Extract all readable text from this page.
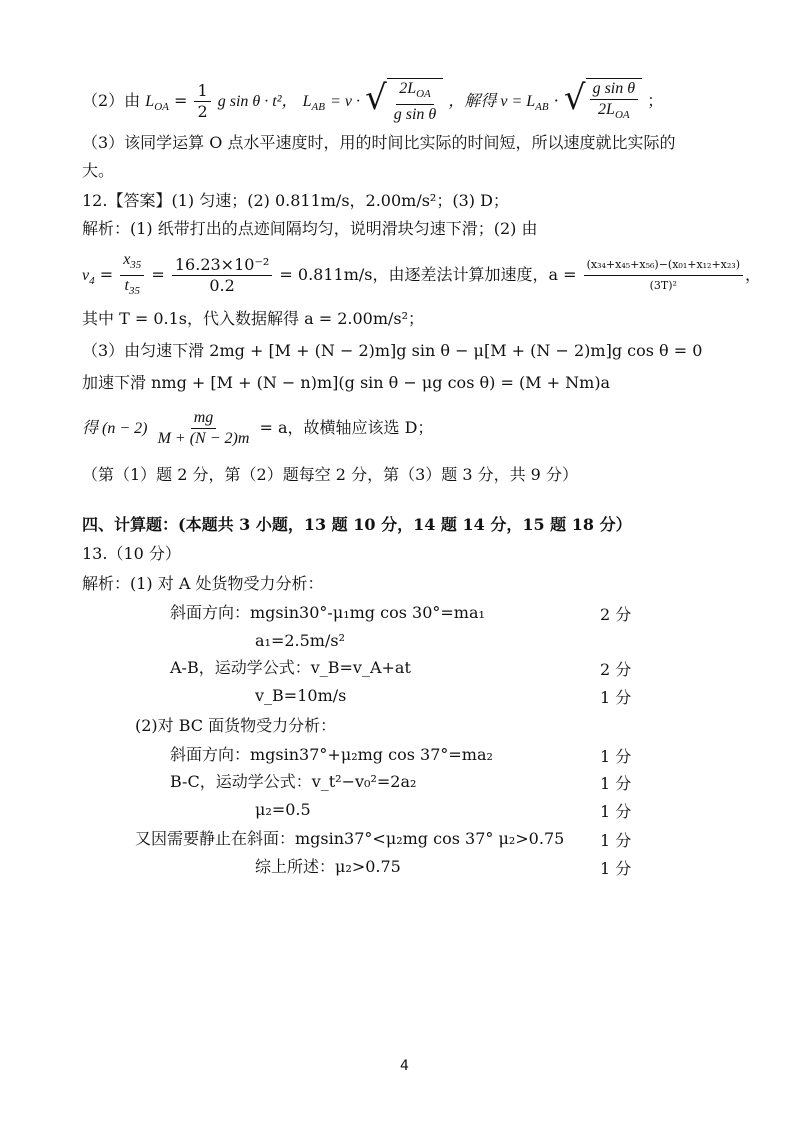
（2）由 $L_{OA} = \frac{1}{2}$ g sin θ · t²， $L_{AB} = v$ · √ $\frac{2L_{OA}}{\text{g sin θ}}$ ，解得 $v = L_{AB}$ · √ $\frac{\text{g sin θ}}{2L_{OA}}$ ；
（3）该同学运算 O 点水平速度时，用的时间比实际的时间短，所以速度就比实际的
大。
12.【答案】(1) 匀速；(2) 0.811m/s，2.00m/s²；(3) D；
解析：(1) 纸带打出的点迹间隔均匀，说明滑块匀速下滑；(2) 由
$v_4 = \frac{x_{35}}{t_{35}} = \frac{\text{16.23×10⁻²}}{0.2} = 0.811m/s$，由逐差法计算加速度，$a = \frac{\text{(x₃₄+x₄₅+x₅₆)−(x₀₁+x₁₂+x₂₃)}}{\text{(3T)²}}$ ，
其中 T = 0.1s，代入数据解得 a = 2.00m/s²；
（3）由匀速下滑 2mg + [M + (N − 2)m]g sin θ − μ[M + (N − 2)m]g cos θ = 0
加速下滑 nmg + [M + (N − n)m](g sin θ − μg cos θ) = (M + Nm)a
得 $(n - 2) \frac{mg}{M + (N - 2)m} = a$，故横轴应该选 D；
（第（1）题 2 分，第（2）题每空 2 分，第（3）题 3 分，共 9 分）
四、计算题：(本题共 3 小题，13 题 10 分，14 题 14 分，15 题 18 分）
13.（10 分）
解析：(1) 对 A 处货物受力分析：
斜面方向：mgsin30°-μ₁mg cos 30°=ma₁	2 分
a₁=2.5m/s²
A-B，运动学公式：v_B=v_A+at	2 分
v_B=10m/s	1 分
(2)对 BC 面货物受力分析：
斜面方向：mgsin37°+μ₂mg cos 37°=ma₂	1 分
B-C，运动学公式：v_t²−v₀²=2a₂	1 分
μ₂=0.5	1 分
又因需要静止在斜面：mgsin37°<μ₂mg cos 37° μ₂>0.75 1 分
综上所述：μ₂>0.75	1 分
4
